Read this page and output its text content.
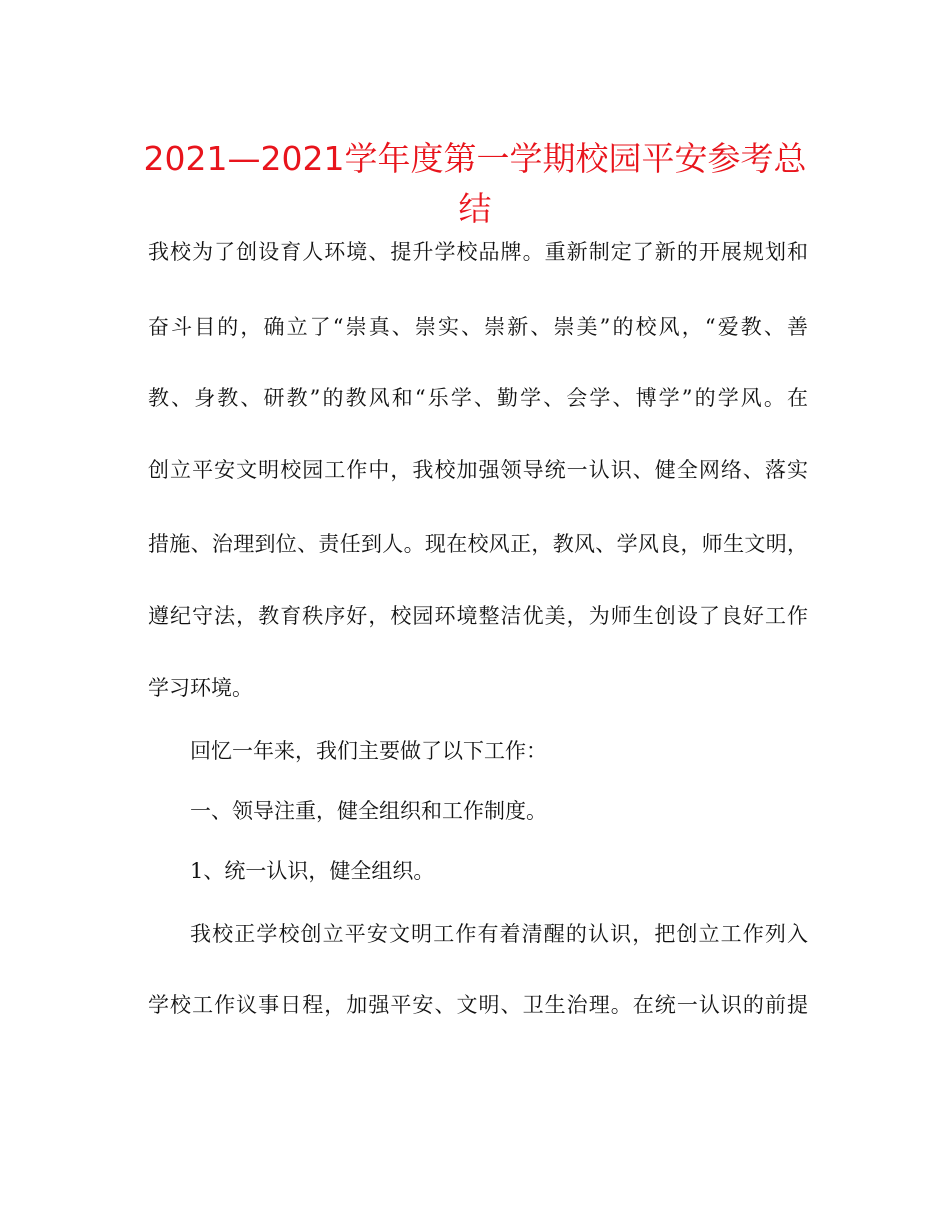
2021—2021学年度第一学期校园平安参考总
结

我校为了创设育人环境、提升学校品牌。重新制定了新的开展规划和

奋斗目的，确立了“崇真、崇实、崇新、崇美”的校风，“爱教、善

教、身教、研教”的教风和“乐学、勤学、会学、博学”的学风。在

创立平安文明校园工作中，我校加强领导统一认识、健全网络、落实

措施、治理到位、责任到人。现在校风正，教风、学风良，师生文明，

遵纪守法，教育秩序好，校园环境整洁优美，为师生创设了良好工作

学习环境。

回忆一年来，我们主要做了以下工作：

一、领导注重，健全组织和工作制度。

1、统一认识，健全组织。

我校正学校创立平安文明工作有着清醒的认识，把创立工作列入

学校工作议事日程，加强平安、文明、卫生治理。在统一认识的前提
